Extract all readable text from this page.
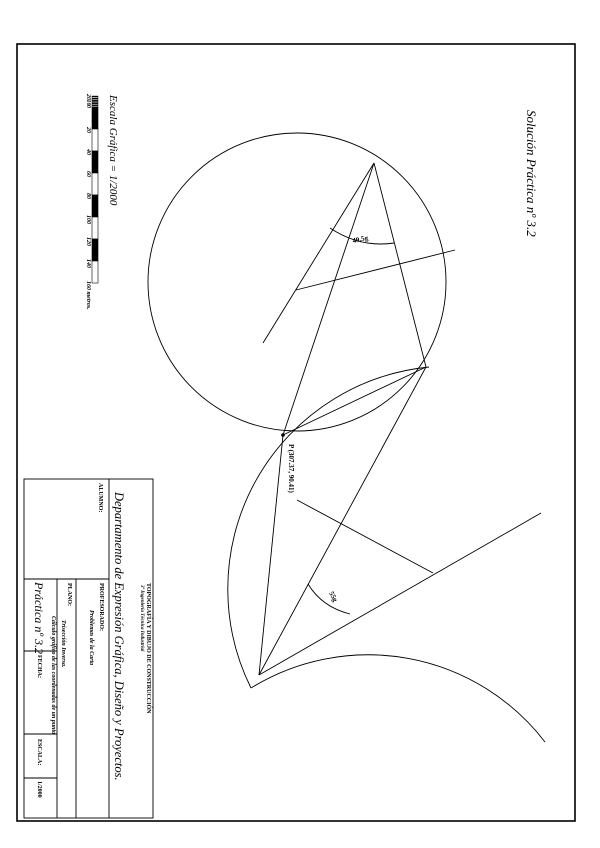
Solución Práctica nº 3.2
Escala Gráfica = 1/2000
20
10
0
20
40
60
80
100
120
140
160 metros.
49,5g
P (307.37, 90.41)
55g
TOPOGRAFÍA Y DIBUJO DE CONSTRUCCIÓN
3º Ingeniería Técnica Industrial
Departamento de Expresión Gráfica, Diseño y Proyectos.
ALUMNO:
PROFESORADO:
Problemas de la Carta
PLANO:
Trisección Inversa.
Cálculo gráfico de las coordenadas de un punto
Práctica nº 3.2
FECHA:
ESCALA:
1/2000
